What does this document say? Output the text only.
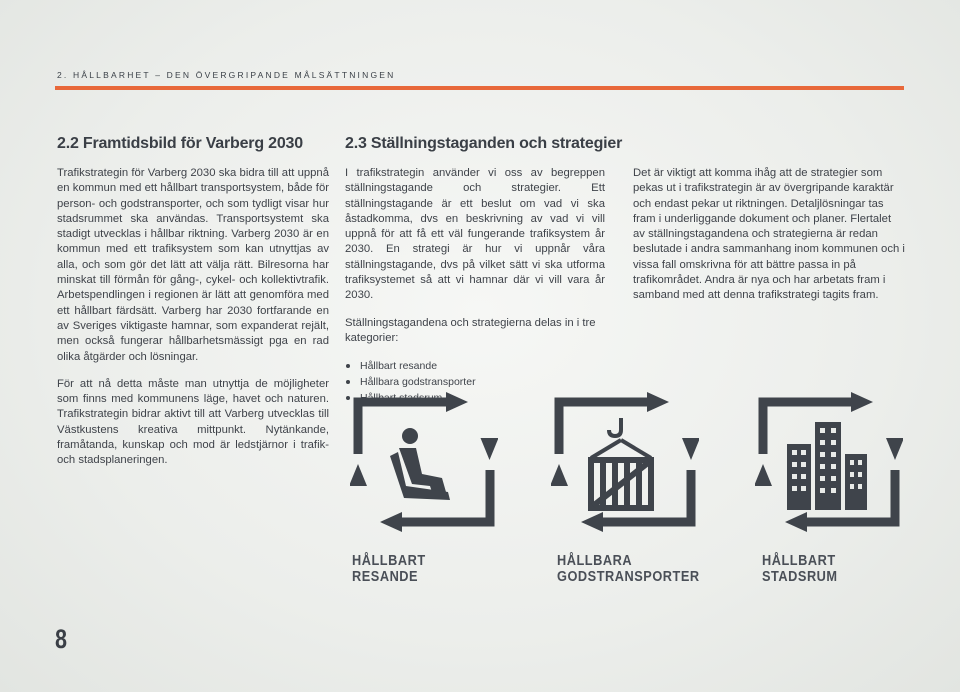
2. HÅLLBARHET – DEN ÖVERGRIPANDE MÅLSÄTTNINGEN
2.2 Framtidsbild för Varberg 2030

Trafikstrategin för Varberg 2030 ska bidra till att uppnå en kommun med ett hållbart transportsystem, både för person- och godstransporter, och som tydligt visar hur stadsrummet ska användas. Transportsystemt ska stadigt utvecklas i hållbar riktning. Varberg 2030 är en kommun med ett trafiksystem som kan utnyttjas av alla, och som gör det lätt att välja rätt. Bilresorna har minskat till förmån för gång-, cykel- och kollektivtrafik. Arbetspendlingen i regionen är lätt att genomföra med ett hållbart färdsätt. Varberg har 2030 fortfarande en av Sveriges viktigaste hamnar, som expanderat rejält, men också fungerar hållbarhetsmässigt pga en rad olika åtgärder och lösningar.

För att nå detta måste man utnyttja de möjligheter som finns med kommunens läge, havet och naturen. Trafikstrategin bidrar aktivt till att Varberg utvecklas till Västkustens kreativa mittpunkt. Nytänkande, framåtanda, kunskap och mod är ledstjärnor i trafik- och stadsplaneringen.

2.3 Ställningstaganden och strategier

I trafikstrategin använder vi oss av begreppen ställningstagande och strategier. Ett ställningstagande är ett beslut om vad vi ska åstadkomma, dvs en beskrivning av vad vi vill uppnå för att få ett väl fungerande trafiksystem år 2030. En strategi är hur vi uppnår våra ställningstagande, dvs på vilket sätt vi ska utforma trafiksystemet så att vi hamnar där vi vill vara år 2030.

Ställningstagandena och strategierna delas in i tre kategorier:

Hållbart resande
Hållbara godstransporter
Hållbart stadsrum

Det är viktigt att komma ihåg att de strategier som pekas ut i trafikstrategin är av övergripande karaktär och endast pekar ut riktningen. Detaljlösningar tas fram i underliggande dokument och planer. Flertalet av ställningstagandena och strategierna är redan beslutade i andra sammanhang inom kommunen och i vissa fall omskrivna för att bättre passa in på trafikområdet. Andra är nya och har arbetats fram i samband med att denna trafikstrategi tagits fram.

HÅLLBART
RESANDE
HÅLLBARA
GODSTRANSPORTER
HÅLLBART
STADSRUM
8
